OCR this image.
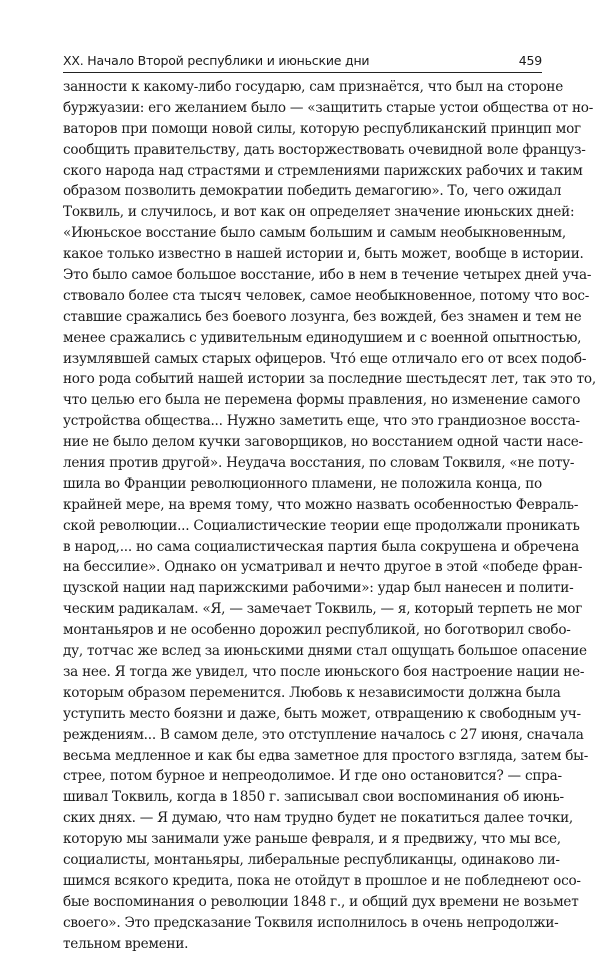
XX. Начало Второй республики и июньские дни	459
занности к какому-либо государю, сам признаётся, что был на стороне
буржуазии: его желанием было — «защитить старые устои общества от но-
ваторов при помощи новой силы, которую республиканский принцип мог
сообщить правительству, дать восторжествовать очевидной воле француз-
ского народа над страстями и стремлениями парижских рабочих и таким
образом позволить демократии победить демагогию». То, чего ожидал
Токвиль, и случилось, и вот как он определяет значение июньских дней:
«Июньское восстание было самым большим и самым необыкновенным,
какое только известно в нашей истории и, быть может, вообще в истории.
Это было самое большое восстание, ибо в нем в течение четырех дней уча-
ствовало более ста тысяч человек, самое необыкновенное, потому что вос-
ставшие сражались без боевого лозунга, без вождей, без знамен и тем не
менее сражались с удивительным единодушием и с военной опытностью,
изумлявшей самых старых офицеров. Что́ еще отличало его от всех подоб-
ного рода событий нашей истории за последние шестьдесят лет, так это то,
что целью его была не перемена формы правления, но изменение самого
устройства общества... Нужно заметить еще, что это грандиозное восста-
ние не было делом кучки заговорщиков, но восстанием одной части насе-
ления против другой». Неудача восстания, по словам Токвиля, «не поту-
шила во Франции революционного пламени, не положила конца, по
крайней мере, на время тому, что можно назвать особенностью Февраль-
ской революции... Социалистические теории еще продолжали проникать
в народ,... но сама социалистическая партия была сокрушена и обречена
на бессилие». Однако он усматривал и нечто другое в этой «победе фран-
цузской нации над парижскими рабочими»: удар был нанесен и полити-
ческим радикалам. «Я, — замечает Токвиль, — я, который терпеть не мог
монтаньяров и не особенно дорожил республикой, но боготворил свобо-
ду, тотчас же вслед за июньскими днями стал ощущать большое опасение
за нее. Я тогда же увидел, что после июньского боя настроение нации не-
которым образом переменится. Любовь к независимости должна была
уступить место боязни и даже, быть может, отвращению к свободным уч-
реждениям... В самом деле, это отступление началось с 27 июня, сначала
весьма медленное и как бы едва заметное для простого взгляда, затем бы-
стрее, потом бурное и непреодолимое. И где оно остановится? — спра-
шивал Токвиль, когда в 1850 г. записывал свои воспоминания об июнь-
ских днях. — Я думаю, что нам трудно будет не покатиться далее точки,
которую мы занимали уже раньше февраля, и я предвижу, что мы все,
социалисты, монтаньяры, либеральные республиканцы, одинаково ли-
шимся всякого кредита, пока не отойдут в прошлое и не побледнеют осо-
бые воспоминания о революции 1848 г., и общий дух времени не возьмет
своего». Это предсказание Токвиля исполнилось в очень непродолжи-
тельном времени.
